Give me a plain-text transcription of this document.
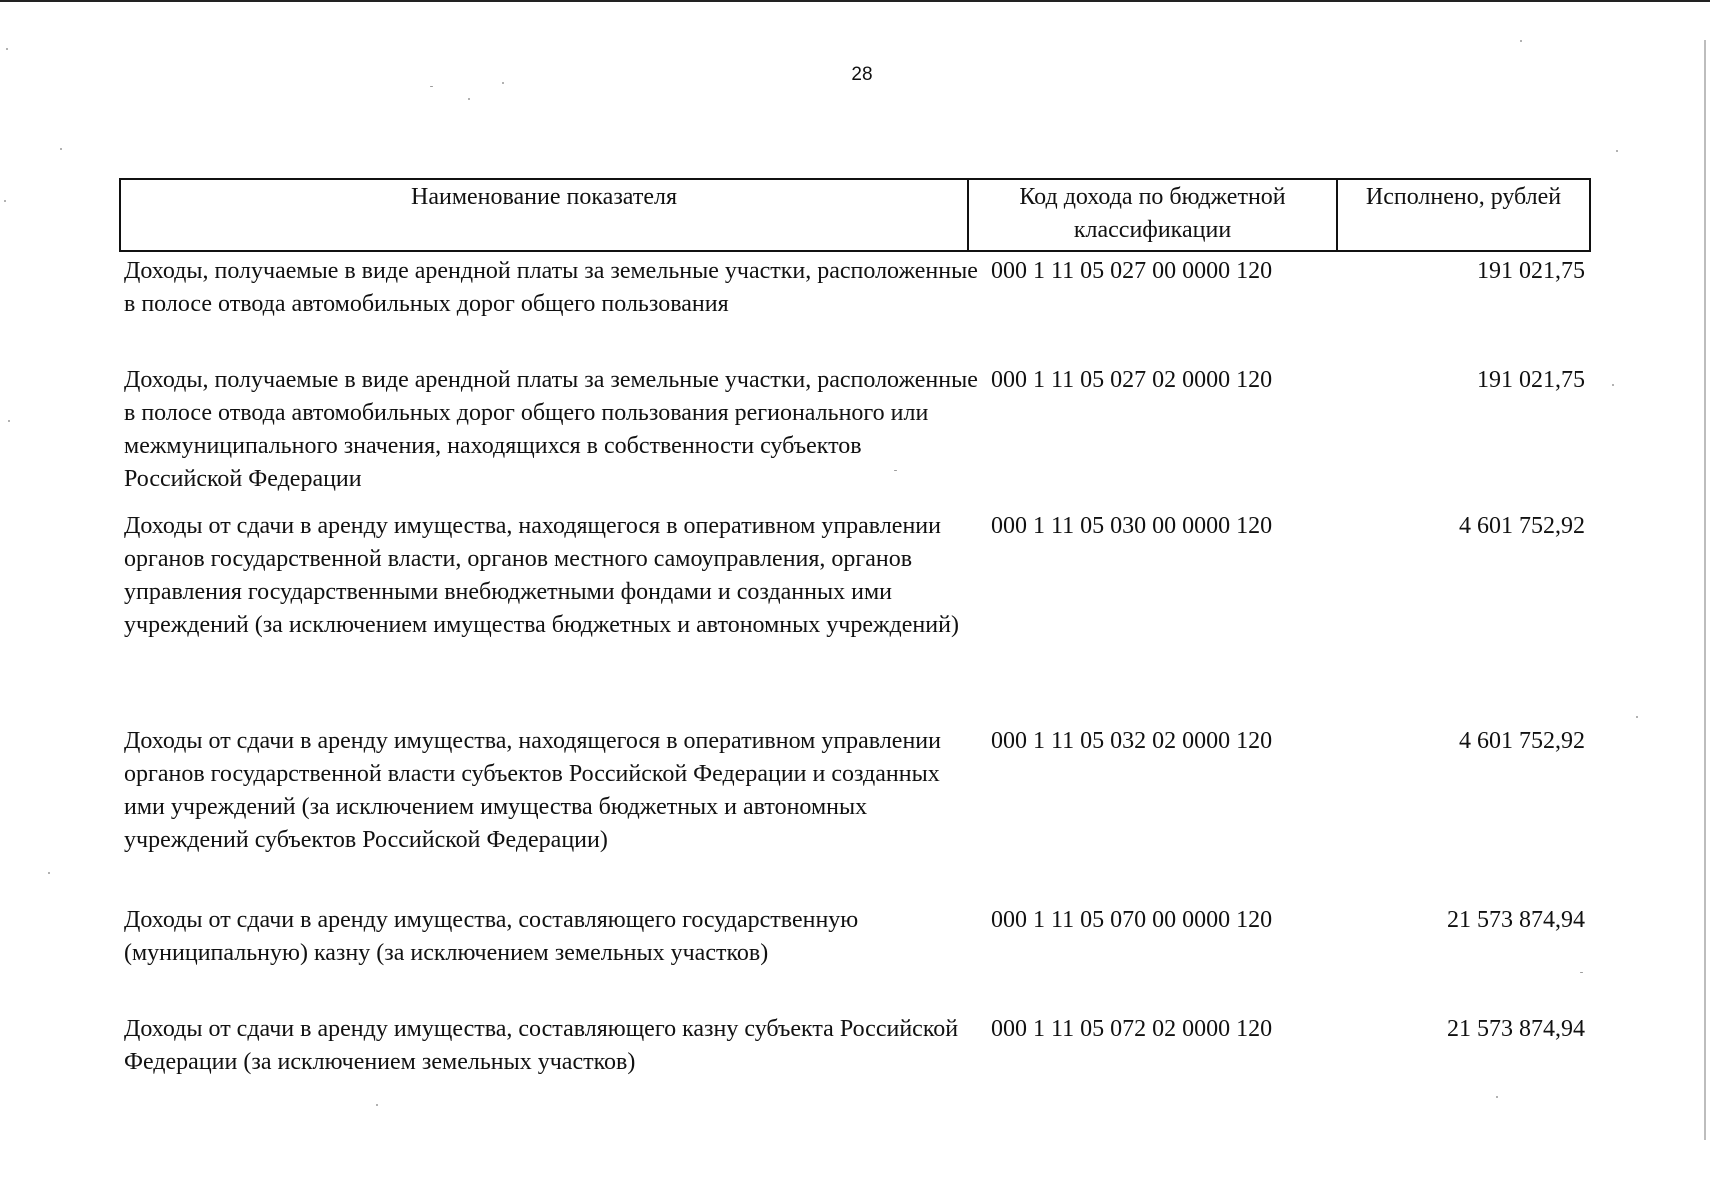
28
Наименование показателя	Код дохода по бюджетной классификации
Исполнено, рублей
Доходы, получаемые в виде арендной платы за земельные участки, расположенные в полосе отвода автомобильных дорог общего пользования
000 1 11 05 027 00 0000 120	191 021,75
Доходы, получаемые в виде арендной платы за земельные участки, расположенные в полосе отвода автомобильных дорог общего пользования регионального или межмуниципального значения, находящихся в собственности субъектов Российской Федерации
000 1 11 05 027 02 0000 120	191 021,75
Доходы от сдачи в аренду имущества, находящегося в оперативном управлении органов государственной власти, органов местного самоуправления, органов управления государственными внебюджетными фондами и созданных ими учреждений (за исключением имущества бюджетных и автономных учреждений)
000 1 11 05 030 00 0000 120	4 601 752,92
Доходы от сдачи в аренду имущества, находящегося в оперативном управлении органов государственной власти субъектов Российской Федерации и созданных ими учреждений (за исключением имущества бюджетных и автономных учреждений субъектов Российской Федерации)
000 1 11 05 032 02 0000 120	4 601 752,92
Доходы от сдачи в аренду имущества, составляющего государственную (муниципальную) казну (за исключением земельных участков)
000 1 11 05 070 00 0000 120	21 573 874,94
Доходы от сдачи в аренду имущества, составляющего казну субъекта Российской Федерации (за исключением земельных участков)
000 1 11 05 072 02 0000 120	21 573 874,94
